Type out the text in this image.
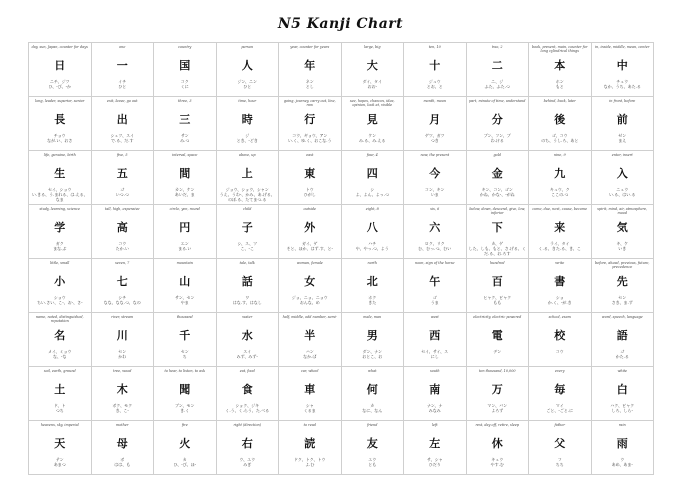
N5 Kanji Chart
day, sun, Japan, counter for days
日
ニチ、ジツ
ひ、-び、-か
one
一
イチ
ひと
country
国
コク
くに
person
人
ジン、ニン
ひと
year, counter for years
年
ネン
とし
large, big
大
ダイ、タイ
おお-
ten, 10
十
ジュウ
とお、と
two, 2
二
ニ、ジ
ふた、ふた.つ
book, present, main, counter for long cylindrical things
本
ホン
もと
in, inside, middle, mean, center
中
チュウ
なか、うち、あた.る
long, leader, superior, senior
長
チョウ
なが.い、おさ
exit, leave, go out
出
シュツ、スイ
で.る、だ.す
three, 3
三
サン
み.つ
time, hour
時
ジ
とき、-どき
going, journey, carry out, line, row
行
コウ、ギョウ、アン
い.く、ゆ.く、おこな.う
see, hopes, chances, idea, opinion, look at, visible
見
ケン
み.る、み.える
month, moon
月
ゲツ、ガツ
つき
part, minute of time, understand
分
ブン、フン、ブ
わ.ける
behind, back, later
後
ゴ、コウ
のち、うし.ろ、あと
in front, before
前
ゼン
まえ
life, genuine, birth
生
セイ、ショウ
い.きる、う.まれる、は.える、なま
five, 5
五
ゴ
いつ.つ
interval, space
間
カン、ケン
あいだ、ま
above, up
上
ジョウ、ショウ、シャン
うえ、うわ-、かみ、あ.げる、のぼ.る、たてまつ.る
east
東
トウ
ひがし
four, 4
四
シ
よ、よん、よっ.つ
now, the present
今
コン、キン
いま
gold
金
キン、コン、ゴン
かね、かな-、-がね
nine, 9
九
キュウ、ク
ここの.つ
enter, insert
入
ニュウ
い.る、はい.る
study, learning, science
学
ガク
まな.ぶ
tall, high, expensive
高
コウ
たか.い
circle, yen, round
円
エン
まる.い
child
子
シ、ス、ツ
こ、-こ
outside
外
ガイ、ゲ
そと、ほか、はず.す、と-
eight, 8
八
ハチ
や、やっ.つ、よう
six, 6
六
ロク、リク
む、むっ.つ、むい
below, down, descend, give, low, inferior
下
カ、ゲ
した、しも、もと、さ.げる、くだ.る、お.ろす
come, due, next, cause, become
来
ライ、タイ
く.る、きた.る、き、こ
spirit, mind, air, atmosphere, mood
気
キ、ケ
いき
little, small
小
ショウ
ちい.さい、こ-、お-、さ-
seven, 7
七
シチ
なな、なな.つ、なの
mountain
山
サン、セン
やま
tale, talk
話
ワ
はな.す、はなし
woman, female
女
ジョ、ニョ、ニョウ
おんな、め
north
北
ホク
きた
noon, sign of the horse
午
ゴ
うま
hundred
百
ヒャク、ビャク
もも
write
書
ショ
か.く、-が.き
before, ahead, previous, future, precedence
先
セン
さき、ま.ず
name, noted, distinguished, reputation
名
メイ、ミョウ
な、-な
river, stream
川
セン
かわ
thousand
千
セン
ち
water
水
スイ
みず、みず-
half, middle, odd number, semi-
半
ハン
なか.ば
male, man
男
ダン、ナン
おとこ、お
west
西
セイ、サイ、ス
にし
electricity, electric powered
電
デン
school, exam
校
コウ
word, speech, language
語
ゴ
かた.る
soil, earth, ground
土
ド、ト
つち
tree, wood
木
ボク、モク
き、こ-
to hear, to listen, to ask
聞
ブン、モン
き.く
eat, food
食
ショク、ジキ
く.う、く.らう、た.べる
car, wheel
車
シャ
くるま
what
何
カ
なに、なん
south
南
ナン、ナ
みなみ
ten thousand, 10,000
万
マン、バン
よろず
every
毎
マイ
ごと、-ごと.に
white
白
ハク、ビャク
しろ、しら-
heavens, sky, imperial
天
テン
あまつ
mother
母
ボ
はは、も
fire
火
カ
ひ、-び、ほ-
right (direction)
右
ウ、ユウ
みぎ
to read
読
ドク、トク、トウ
よ.む
friend
友
ユウ
とも
left
左
サ、シャ
ひだり
rest, day off, retire, sleep
休
キュウ
やす.む
father
父
フ
ちち
rain
雨
ウ
あめ、あま-
